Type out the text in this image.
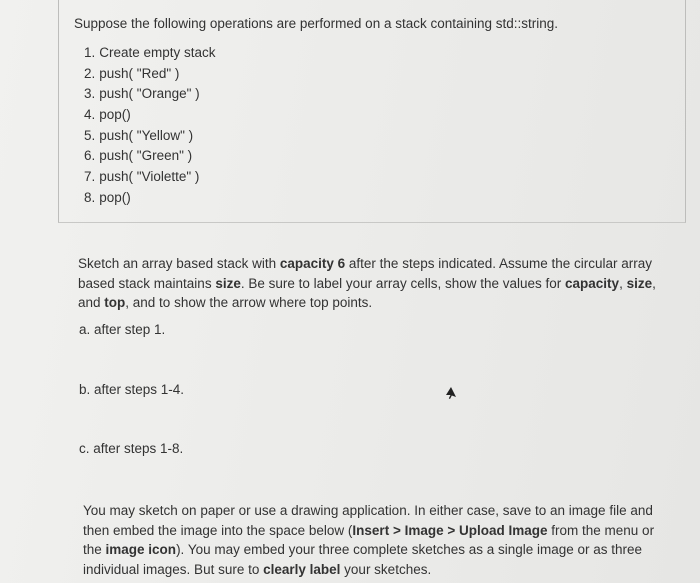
Suppose the following operations are performed on a stack containing std::string.
1. Create empty stack
2. push( "Red" )
3. push( "Orange" )
4. pop()
5. push( "Yellow" )
6. push( "Green" )
7. push( "Violette" )
8. pop()
Sketch an array based stack with capacity 6 after the steps indicated. Assume the circular array based stack maintains size. Be sure to label your array cells, show the values for capacity, size, and top, and to show the arrow where top points.
a. after step 1.
b. after steps 1-4.
c. after steps 1-8.
You may sketch on paper or use a drawing application. In either case, save to an image file and then embed the image into the space below (Insert > Image > Upload Image from the menu or the image icon). You may embed your three complete sketches as a single image or as three individual images. But sure to clearly label your sketches.
